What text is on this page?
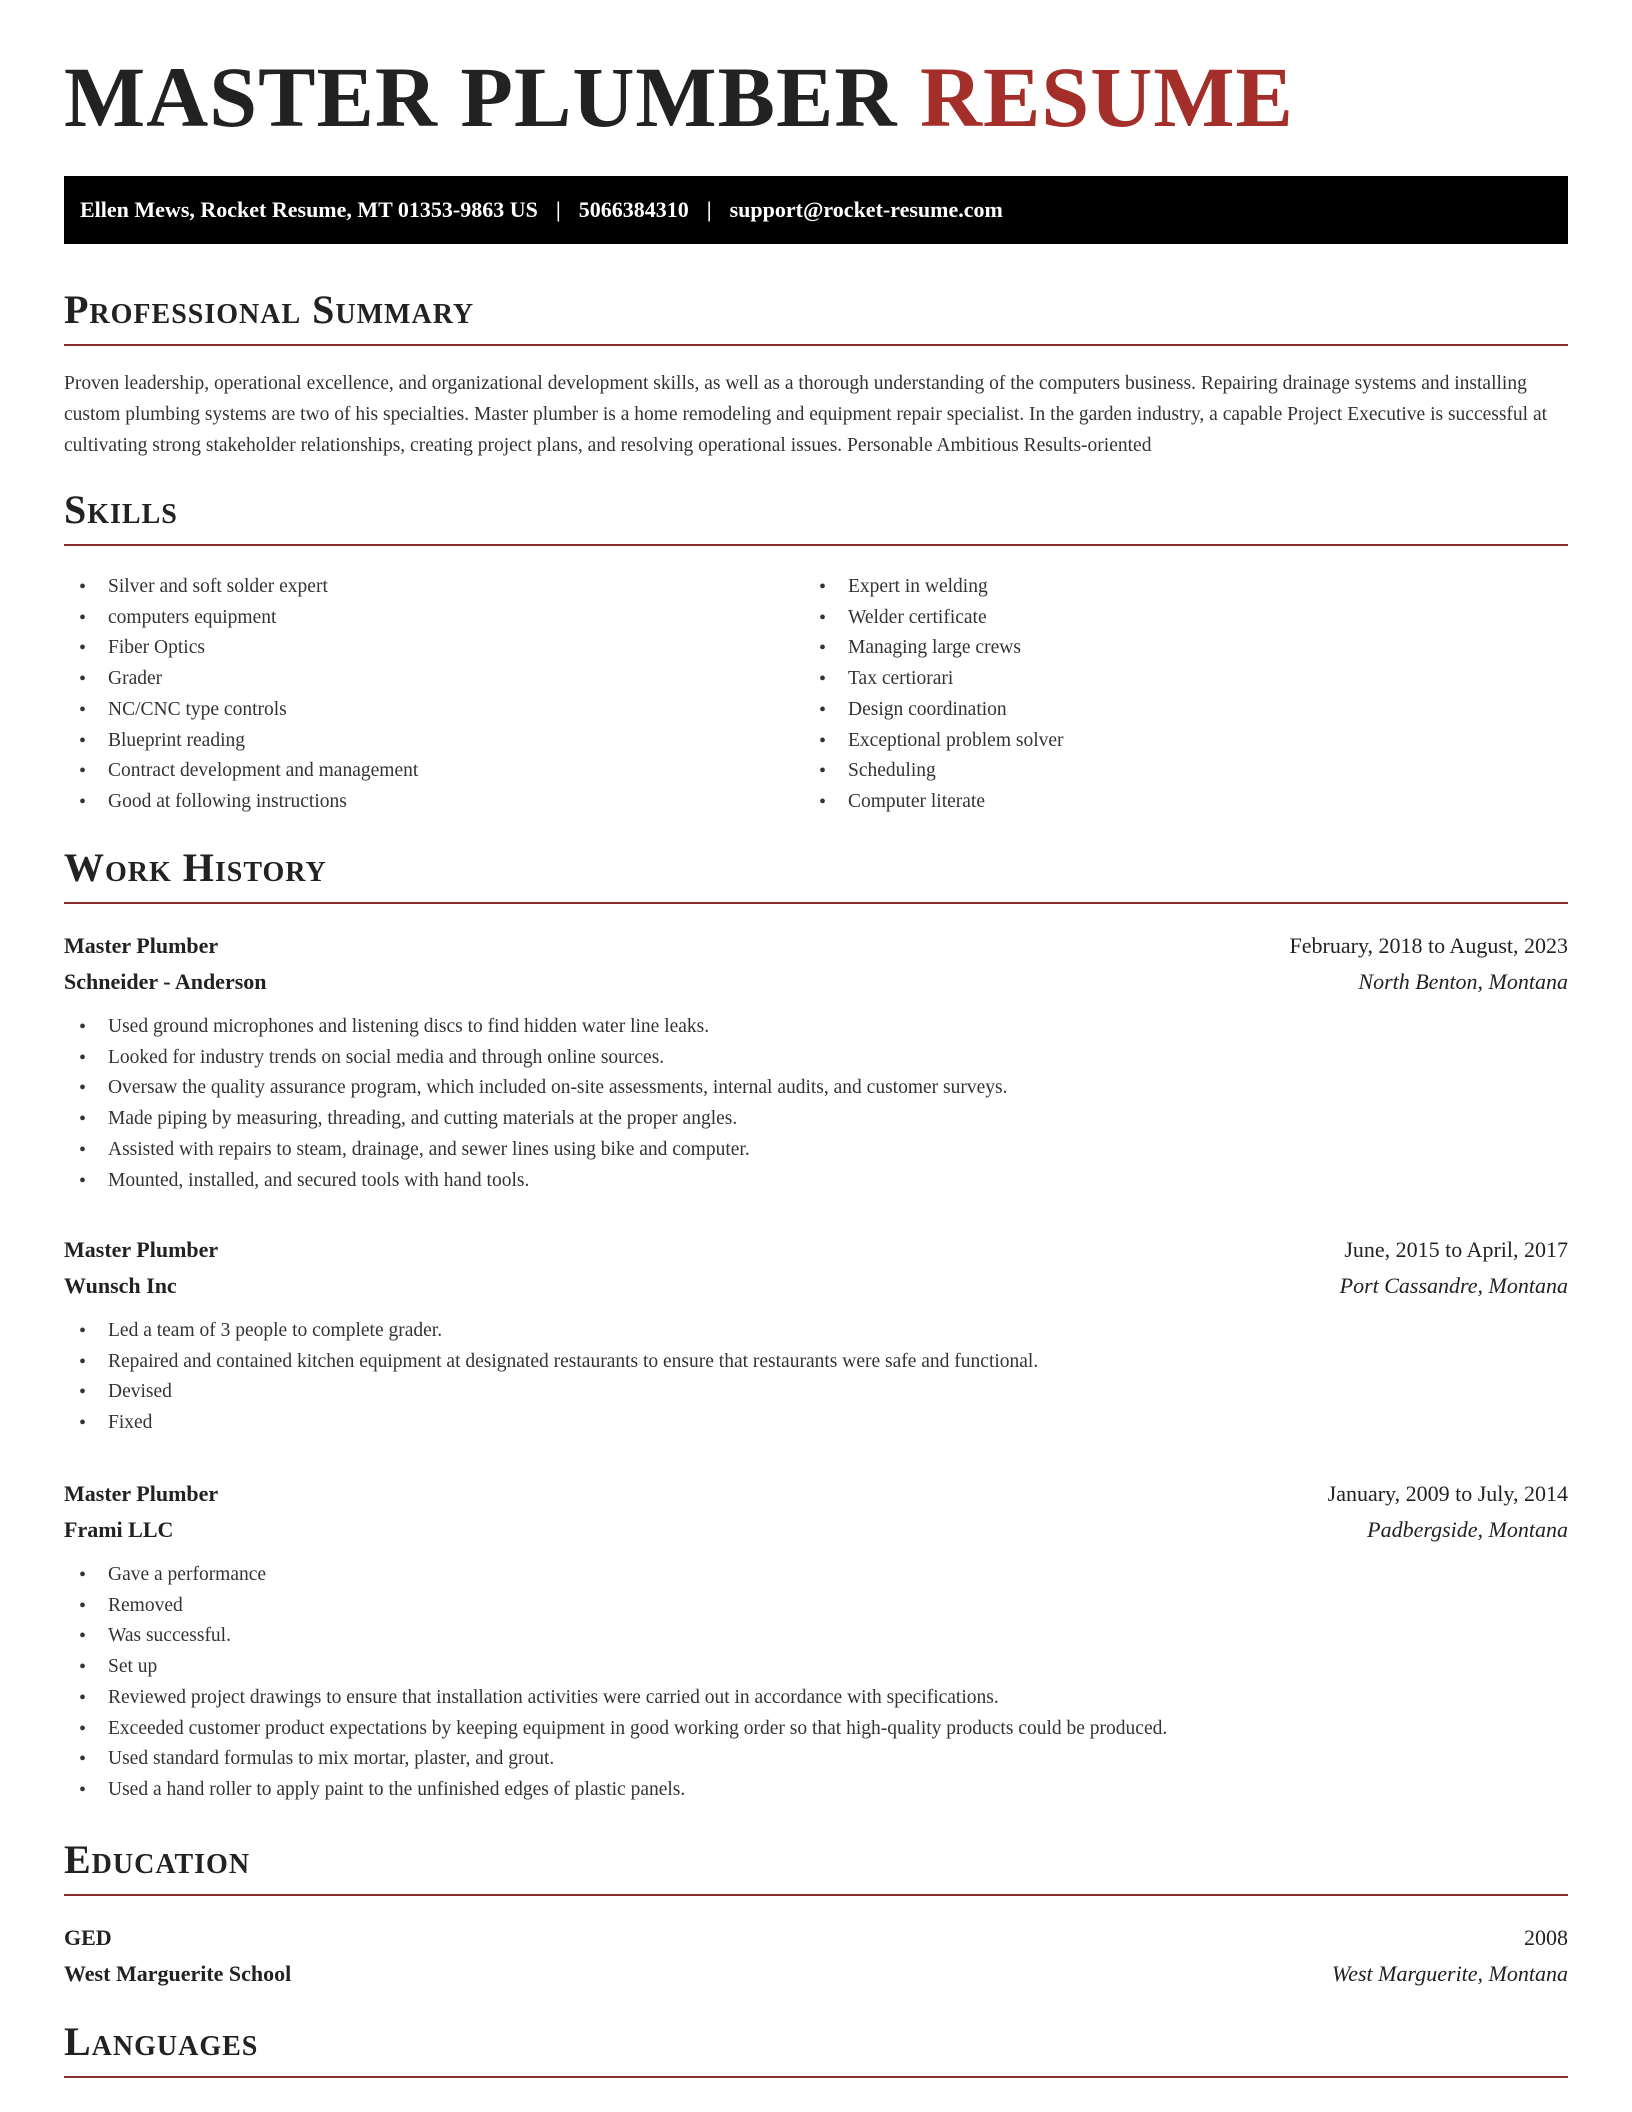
MASTER PLUMBER RESUME
Ellen Mews, Rocket Resume, MT 01353-9863 US | 5066384310 | support@rocket-resume.com
Professional Summary

Proven leadership, operational excellence, and organizational development skills, as well as a thorough understanding of the computers business. Repairing drainage systems and installing custom plumbing systems are two of his specialties. Master plumber is a home remodeling and equipment repair specialist. In the garden industry, a capable Project Executive is successful at cultivating strong stakeholder relationships, creating project plans, and resolving operational issues. Personable Ambitious Results-oriented

Skills
• Silver and soft solder expert
• computers equipment
• Fiber Optics
• Grader
• NC/CNC type controls
• Blueprint reading
• Contract development and management
• Good at following instructions
• Expert in welding
• Welder certificate
• Managing large crews
• Tax certiorari
• Design coordination
• Exceptional problem solver
• Scheduling
• Computer literate
Work History
Master Plumber	February, 2018 to August, 2023
Schneider - Anderson	North Benton, Montana
• Used ground microphones and listening discs to find hidden water line leaks.
• Looked for industry trends on social media and through online sources.
• Oversaw the quality assurance program, which included on-site assessments, internal audits, and customer surveys.
• Made piping by measuring, threading, and cutting materials at the proper angles.
• Assisted with repairs to steam, drainage, and sewer lines using bike and computer.
• Mounted, installed, and secured tools with hand tools.
Master Plumber	June, 2015 to April, 2017
Wunsch Inc	Port Cassandre, Montana
• Led a team of 3 people to complete grader.
• Repaired and contained kitchen equipment at designated restaurants to ensure that restaurants were safe and functional.
• Devised
• Fixed
Master Plumber	January, 2009 to July, 2014
Frami LLC	Padbergside, Montana
• Gave a performance
• Removed
• Was successful.
• Set up
• Reviewed project drawings to ensure that installation activities were carried out in accordance with specifications.
• Exceeded customer product expectations by keeping equipment in good working order so that high-quality products could be produced.
• Used standard formulas to mix mortar, plaster, and grout.
• Used a hand roller to apply paint to the unfinished edges of plastic panels.
Education
GED	2008
West Marguerite School	West Marguerite, Montana
Languages
